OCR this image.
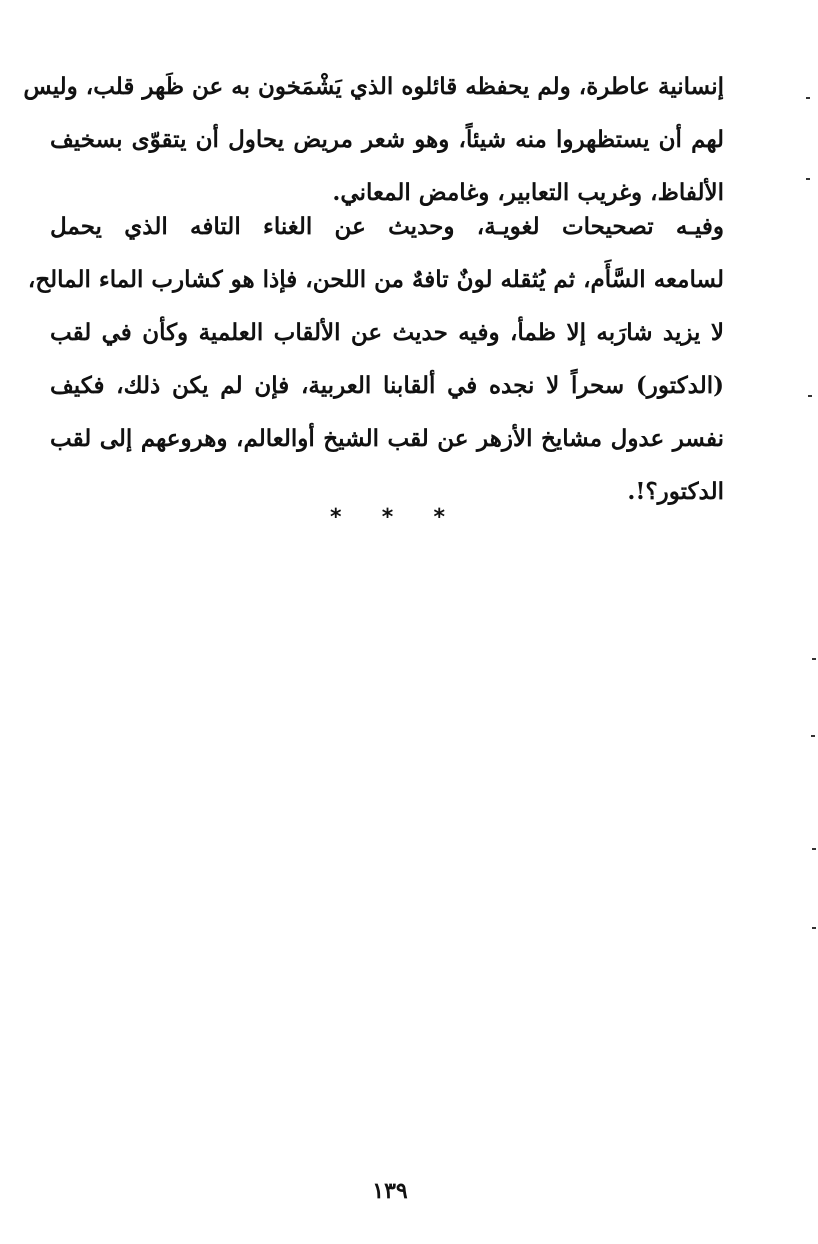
إنسانية عاطرة، ولم يحفظه قائلوه الذي يَشْمَخون به عن ظَهر قلب، وليس
لهم أن يستظهروا منه شيئاً، وهو شعر مريض يحاول أن يتقوّى بسخيف
الألفاظ، وغريب التعابير، وغامض المعاني.
وفيـه تصحيحات لغويـة، وحديث عن الغناء التافه الذي يحمل
لسامعه السَّأَم، ثم يُثقله لونٌ تافهٌ من اللحن، فإذا هو كشارب الماء المالح،
لا يزيد شارَبه إلا ظمأ، وفيه حديث عن الألقاب العلمية وكأن في لقب
(الدكتور) سحراً لا نجده في ألقابنا العربية، فإن لم يكن ذلك، فكيف
نفسر عدول مشايخ الأزهر عن لقب الشيخ أوالعالم، وهروعهم إلى لقب
الدكتور؟!.
* * *
١٣٩
